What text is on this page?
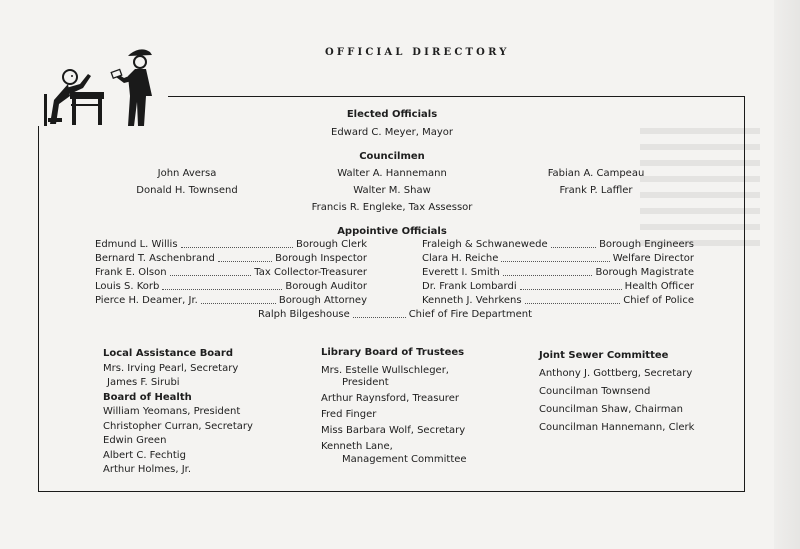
OFFICIAL DIRECTORY
Elected Officials
Edward C. Meyer, Mayor
Councilmen
John Aversa
Donald H. Townsend
Walter A. Hannemann
Walter M. Shaw
Francis R. Engleke, Tax Assessor
Fabian A. Campeau
Frank P. Laffler
Appointive Officials
Edmund L. Willis	Borough Clerk
Bernard T. Aschenbrand	Borough Inspector
Frank E. Olson	Tax Collector-Treasurer
Louis S. Korb	Borough Auditor
Pierce H. Deamer, Jr.	Borough Attorney
Fraleigh & Schwanewede	Borough Engineers
Clara H. Reiche	Welfare Director
Everett I. Smith	Borough Magistrate
Dr. Frank Lombardi	Health Officer
Kenneth J. Vehrkens	Chief of Police
Ralph Bilgeshouse	Chief of Fire Department
Local Assistance Board
Mrs. Irving Pearl, Secretary
James F. Sirubi
Board of Health
William Yeomans, President
Christopher Curran, Secretary
Edwin Green
Albert C. Fechtig
Arthur Holmes, Jr.
Library Board of Trustees
Mrs. Estelle Wullschleger,
President
Arthur Raynsford, Treasurer
Fred Finger
Miss Barbara Wolf, Secretary
Kenneth Lane,
Management Committee
Joint Sewer Committee
Anthony J. Gottberg, Secretary
Councilman Townsend
Councilman Shaw, Chairman
Councilman Hannemann, Clerk
